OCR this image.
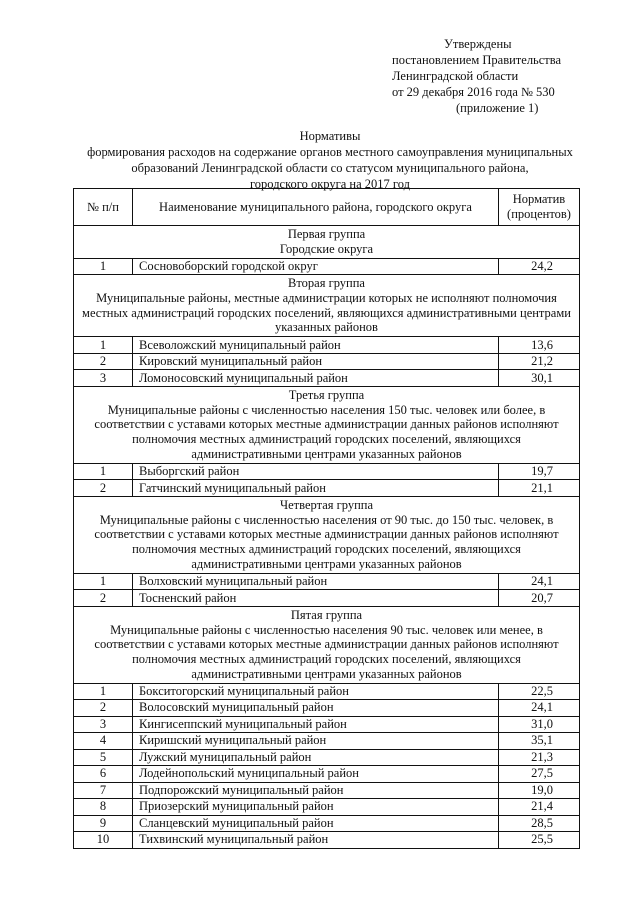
Утверждены
постановлением Правительства
Ленинградской области
от 29 декабря 2016 года № 530
(приложение 1)
Нормативы
формирования расходов на содержание органов местного самоуправления муниципальных
образований Ленинградской области со статусом муниципального района,
городского округа на 2017 год
№ п/п	Наименование муниципального района, городского округа	Норматив (процентов)

Первая группа
Городские округа		

1	Сосновоборский городской округ	24,2

Вторая группа
Муниципальные районы, местные администрации которых не исполняют полномочия местных администраций городских поселений, являющихся административными центрами указанных районов		

1	Всеволожский муниципальный район	13,6
2	Кировский муниципальный район	21,2
3	Ломоносовский муниципальный район	30,1

Третья группа
Муниципальные районы с численностью населения 150 тыс. человек или более, в соответствии с уставами которых местные администрации данных районов исполняют полномочия местных администраций городских поселений, являющихся административными центрами указанных районов		

1	Выборгский район	19,7
2	Гатчинский муниципальный район	21,1

Четвертая группа
Муниципальные районы с численностью населения от 90 тыс. до 150 тыс. человек, в соответствии с уставами которых местные администрации данных районов исполняют полномочия местных администраций городских поселений, являющихся административными центрами указанных районов		

1	Волховский муниципальный район	24,1
2	Тосненский район	20,7

Пятая группа
Муниципальные районы с численностью населения 90 тыс. человек или менее, в соответствии с уставами которых местные администрации данных районов исполняют полномочия местных администраций городских поселений, являющихся административными центрами указанных районов		

1	Бокситогорский муниципальный район	22,5
2	Волосовский муниципальный район	24,1
3	Кингисеппский муниципальный район	31,0
4	Киришский муниципальный район	35,1
5	Лужский муниципальный район	21,3
6	Лодейнопольский муниципальный район	27,5
7	Подпорожский муниципальный район	19,0
8	Приозерский муниципальный район	21,4
9	Сланцевский муниципальный район	28,5
10	Тихвинский муниципальный район	25,5
